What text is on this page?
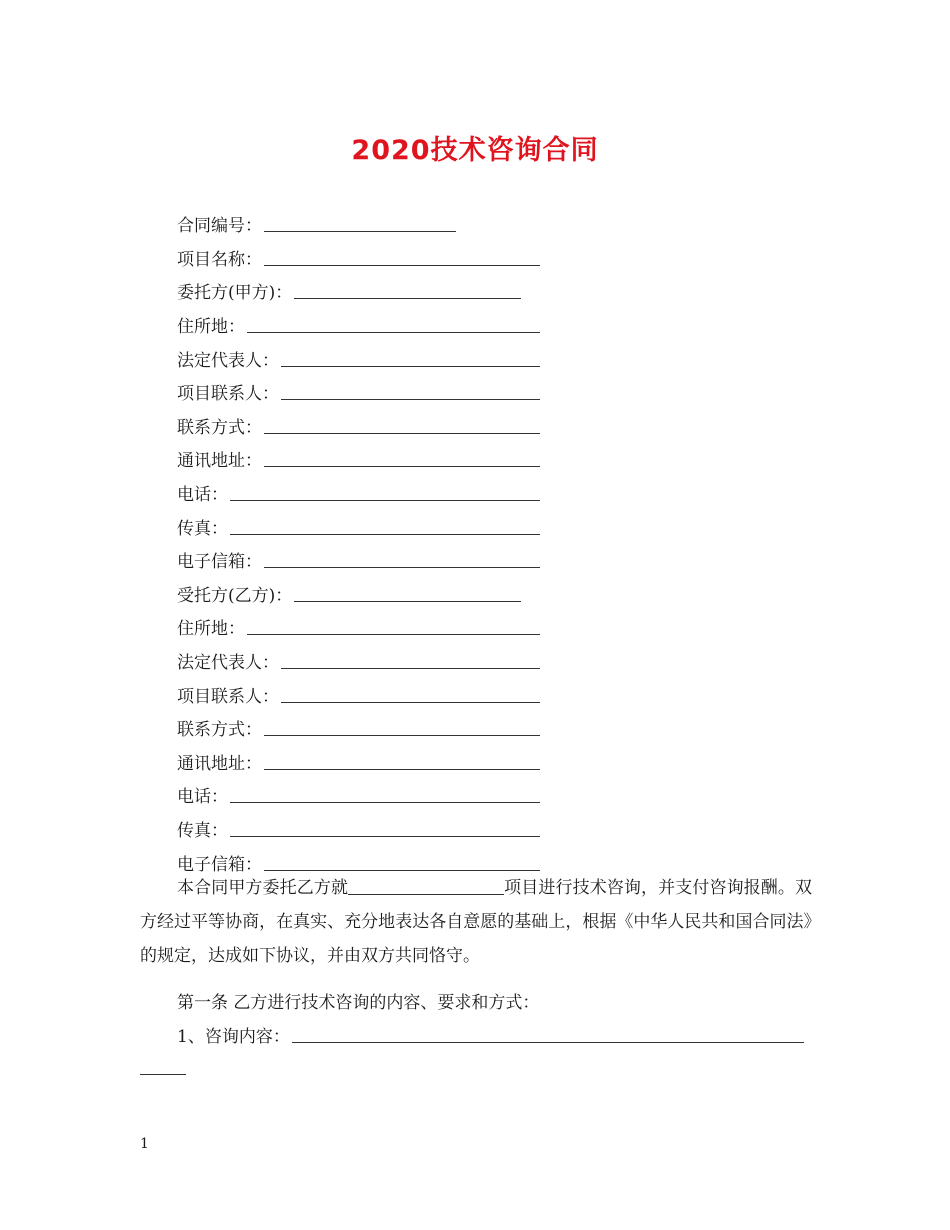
2020技术咨询合同
合同编号：
项目名称：
委托方(甲方)：
住所地：
法定代表人：
项目联系人：
联系方式：
通讯地址：
电话：
传真：
电子信箱：
受托方(乙方)：
住所地：
法定代表人：
项目联系人：
联系方式：
通讯地址：
电话：
传真：
电子信箱：

本合同甲方委托乙方就	项目进行技术咨询，并支付咨询报酬。双方经过平等协商，在真实、充分地表达各自意愿的基础上，根据《中华人民共和国合同法》的规定，达成如下协议，并由双方共同恪守。

第一条 乙方进行技术咨询的内容、要求和方式：
1、咨询内容：
1
